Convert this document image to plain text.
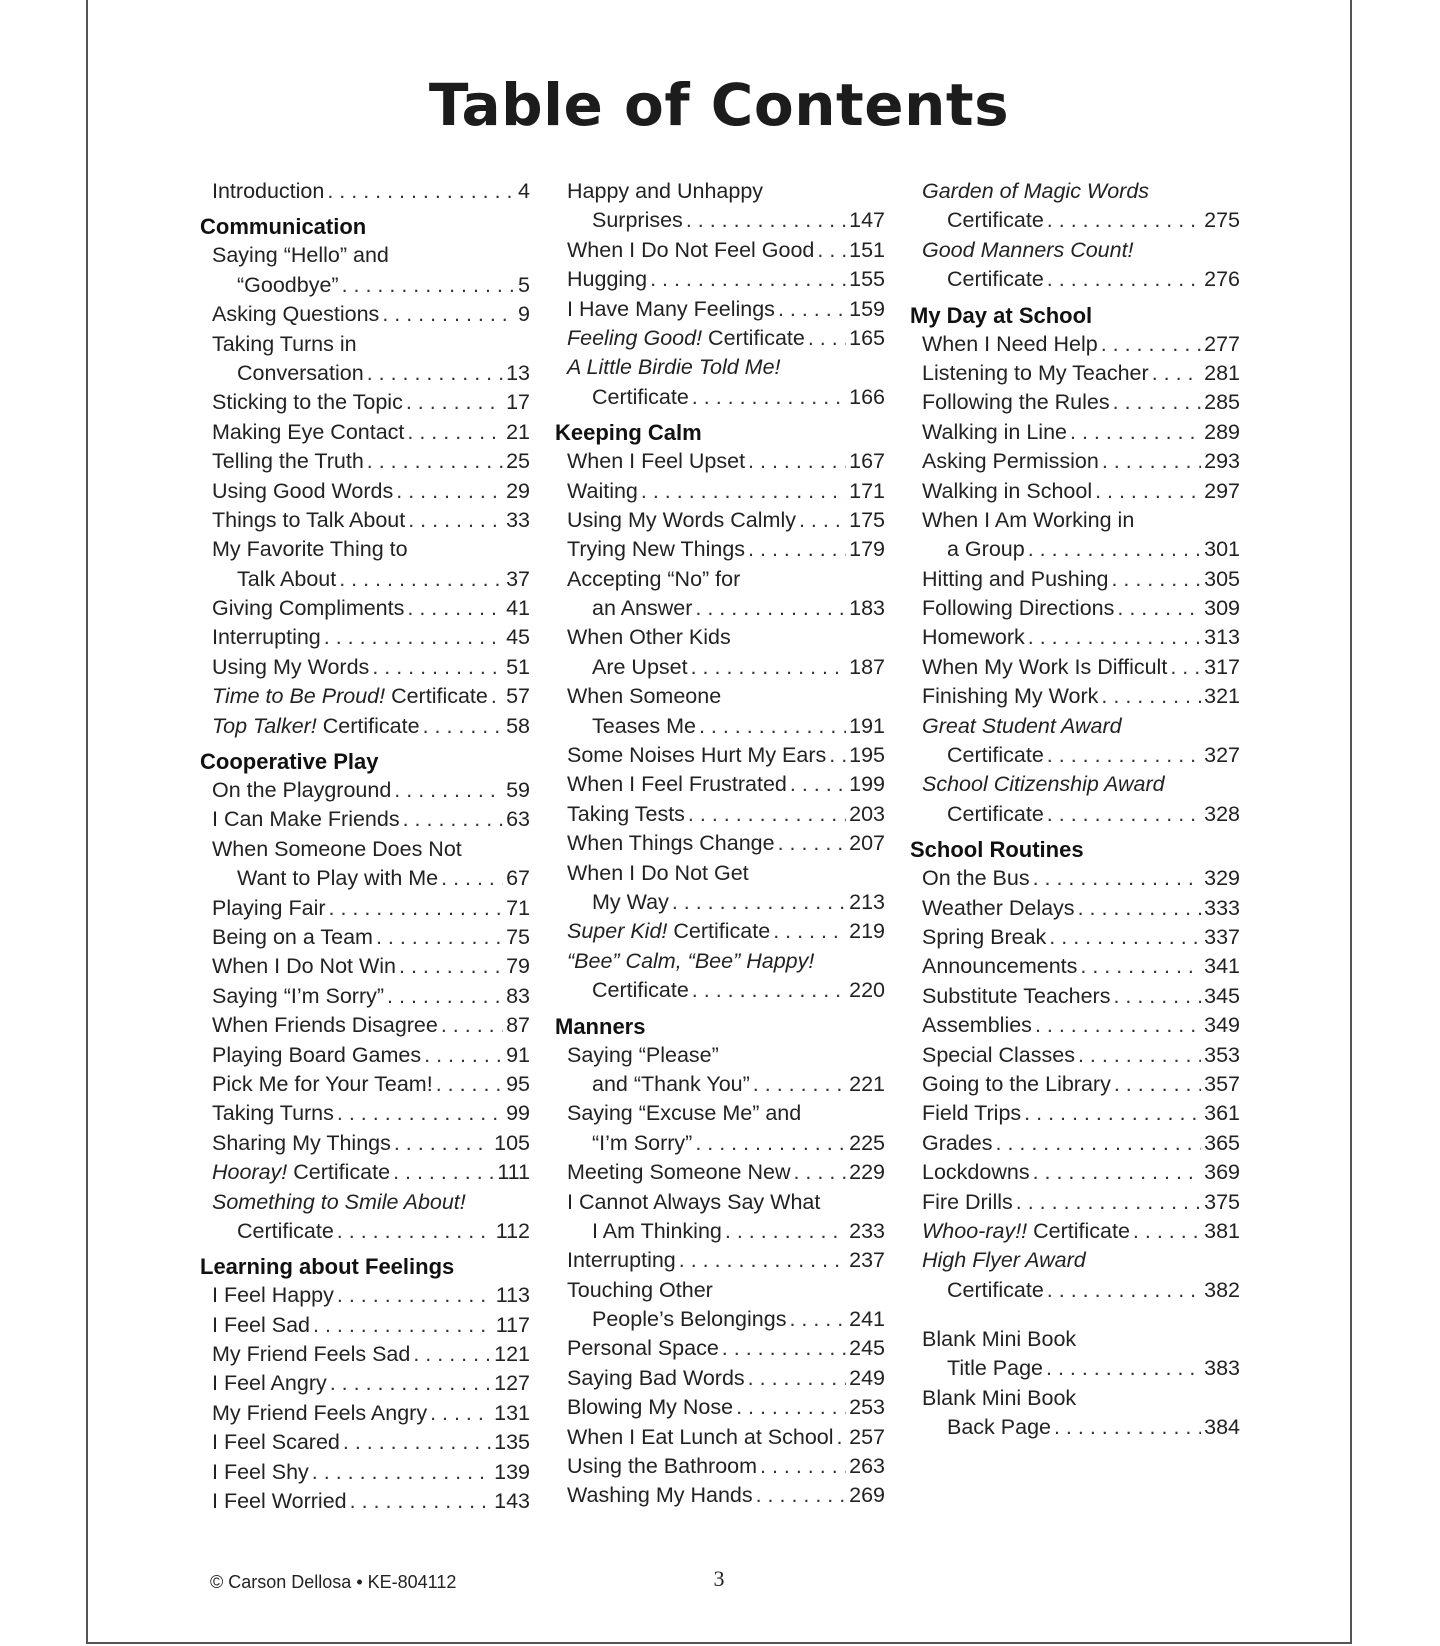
Table of Contents
Introduction . . .	4
Communication
Saying “Hello” and
“Goodbye” . . .	5
Asking Questions . . .	9
Taking Turns in
Conversation . . .	13
Sticking to the Topic . . .	17
Making Eye Contact . . .	21
Telling the Truth . . .	25
Using Good Words . . .	29
Things to Talk About . . .	33
My Favorite Thing to
Talk About . . .	37
Giving Compliments . . .	41
Interrupting . . .	45
Using My Words . . .	51
Time to Be Proud!
Certificate . . . 57
Top Talker!
Certificate . . .	58
Cooperative Play
On the Playground . . .	59
I Can Make Friends . . .	63
When Someone Does Not
Want to Play with Me . . .	67
Playing Fair . . .	71
Being on a Team . . .	75
When I Do Not Win . . .	79
Saying “I’m Sorry” . . .	83
When Friends Disagree . . .	87
Playing Board Games . . .	91
Pick Me for Your Team! . . .	95
Taking Turns . . .	99
Sharing My Things . . .	105
Hooray!
Certificate . . .	111
Something to Smile About!
Certificate . . .	112
Learning about Feelings
I Feel Happy . . .	113
I Feel Sad . . .	117
My Friend Feels Sad . . .	121
I Feel Angry . . .	127
My Friend Feels Angry . . .	131
I Feel Scared . . .	135
I Feel Shy . . .	139
I Feel Worried . . .	143
Happy and Unhappy
Surprises . . .	147
When I Do Not Feel Good . . . 151
Hugging . . .	155
I Have Many Feelings . . .	159
Feeling Good!
Certificate . . . 165
A Little Birdie Told Me!
Certificate . . .	166
Keeping Calm
When I Feel Upset . . .	167
Waiting . . .	171
Using My Words Calmly . . . 175
Trying New Things . . .	179
Accepting “No” for
an Answer . . .	183
When Other Kids
Are Upset . . .	187
When Someone
Teases Me . . .	191
Some Noises Hurt My Ears . . . 195
When I Feel Frustrated . . .	199
Taking Tests . . .	203
When Things Change . . .	207
When I Do Not Get
My Way . . .	213
Super Kid!
Certificate . . .	219
“Bee” Calm, “Bee” Happy!
Certificate . . .	220
Manners
Saying “Please”
and “Thank You” . . .	221
Saying “Excuse Me” and
“I’m Sorry” . . .	225
Meeting Someone New . . .	229
I Cannot Always Say What
I Am Thinking . . .	233
Interrupting . . .	237
Touching Other
People’s Belongings . . .	241
Personal Space . . .	245
Saying Bad Words . . .	249
Blowing My Nose . . .	253
When I Eat Lunch at School . . . 257
Using the Bathroom . . .	263
Washing My Hands . . .	269
Garden of Magic Words
Certificate . . .	275
Good Manners Count!
Certificate . . .	276
My Day at School
When I Need Help . . .	277
Listening to My Teacher . . .	281
Following the Rules . . .	285
Walking in Line . . .	289
Asking Permission . . .	293
Walking in School . . .	297
When I Am Working in
a Group . . .	301
Hitting and Pushing . . .	305
Following Directions . . .	309
Homework . . .	313
When My Work Is Difficult . . . 317
Finishing My Work . . .	321
Great Student Award
Certificate . . .	327
School Citizenship Award
Certificate . . .	328
School Routines
On the Bus . . .	329
Weather Delays . . .	333
Spring Break . . .	337
Announcements . . .	341
Substitute Teachers . . .	345
Assemblies . . .	349
Special Classes . . .	353
Going to the Library . . .	357
Field Trips . . .	361
Grades . . .	365
Lockdowns . . .	369
Fire Drills . . .	375
Whoo-ray!!
Certificate . . .	381
High Flyer Award
Certificate . . .	382
Blank Mini Book
Title Page . . .	383
Blank Mini Book
Back Page . . .	384
© Carson Dellosa • KE-804112	3
